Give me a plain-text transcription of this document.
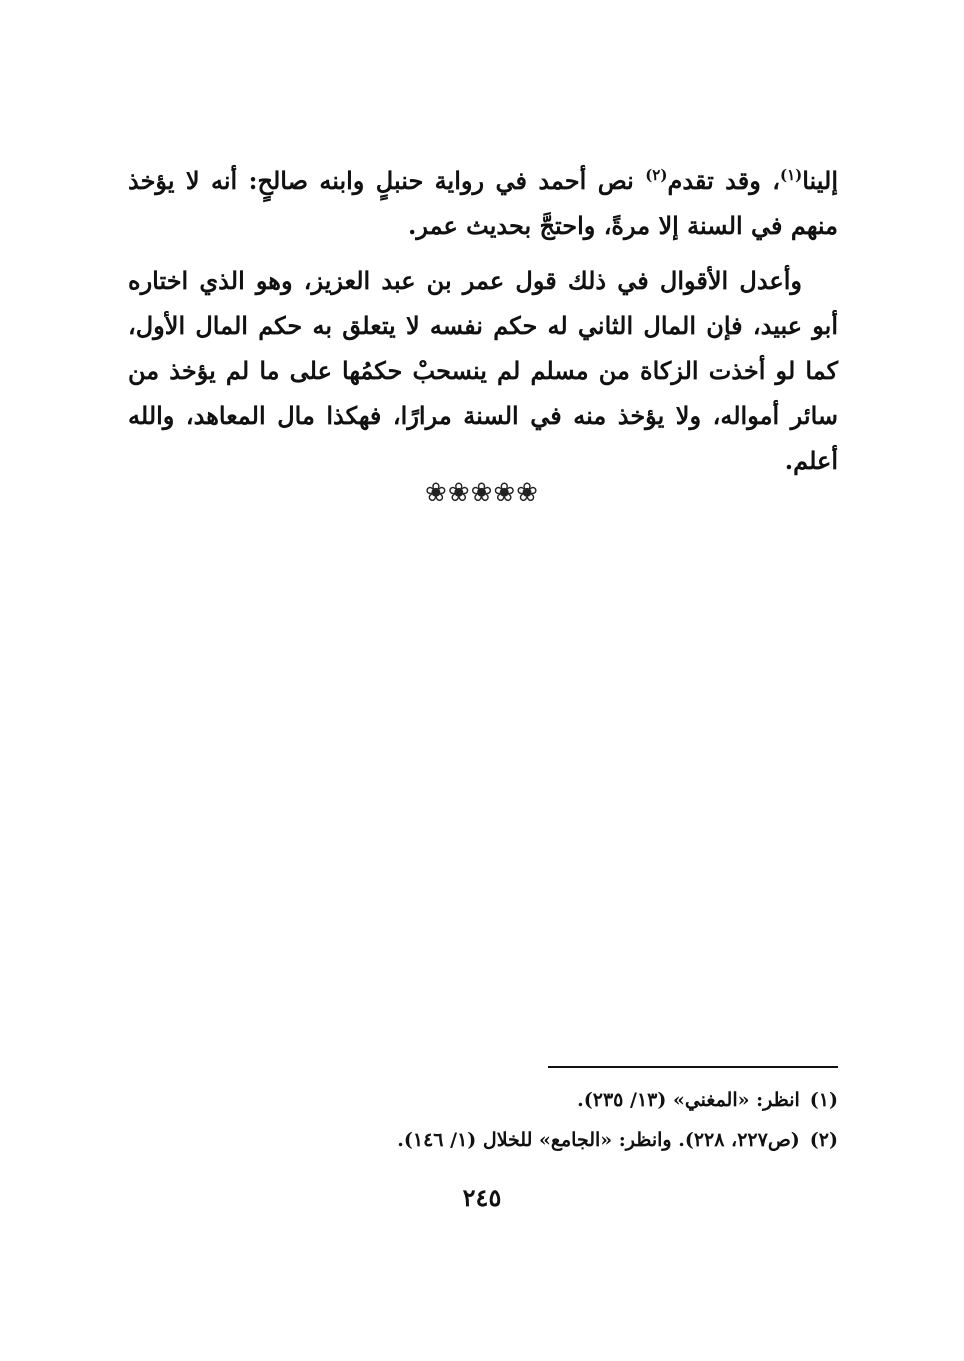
إلينا$^{(١)}$، وقد تقدم$^{(٢)}$ نص أحمد في رواية حنبلٍ وابنه صالحٍ: أنه لا يؤخذ منهم في السنة إلا مرةً، واحتجَّ بحديث عمر.

وأعدل الأقوال في ذلك قول عمر بن عبد العزيز، وهو الذي اختاره أبو عبيد، فإن المال الثاني له حكم نفسه لا يتعلق به حكم المال الأول، كما لو أخذت الزكاة من مسلم لم ينسحبْ حكمُها على ما لم يؤخذ من سائر أمواله، ولا يؤخذ منه في السنة مرارًا، فهكذا مال المعاهد، والله أعلم.

❀❀❀❀❀

(١)انظر: «المغني» (١٣/ ٢٣٥).

(٢)(ص٢٢٧، ٢٢٨). وانظر: «الجامع» للخلال (١/ ١٤٦).

٢٤٥
